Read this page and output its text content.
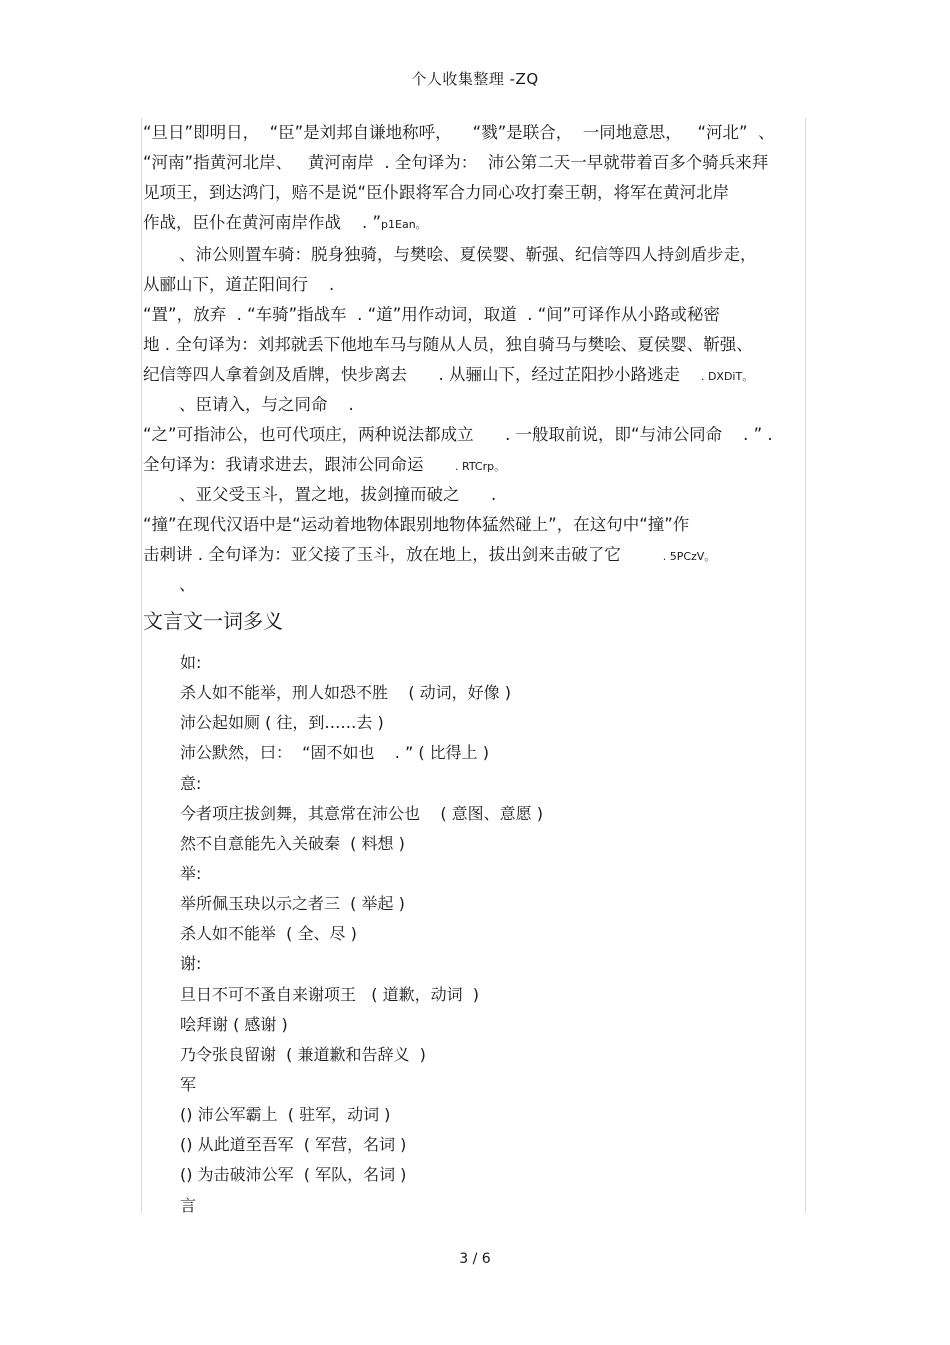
个人收集整理 -ZQ
“旦日”即明日，  “臣”是刘邦自谦地称呼，    “戮”是联合，  一同地意思，   “河北”  、
“河南”指黄河北岸、   黄河南岸  . 全句译为：  沛公第二天一早就带着百多个骑兵来拜
见项王，到达鸿门，赔不是说“臣仆跟将军合力同心攻打秦王朝，将军在黄河北岸
作战，臣仆在黄河南岸作战    . ”p1Ean。
、沛公则置车骑：脱身独骑，与樊哙、夏侯婴、靳强、纪信等四人持剑盾步走，
从郦山下，道芷阳间行    .
“置”，放弃  . “车骑”指战车  . “道”用作动词，取道  . “间”可译作从小路或秘密
地 . 全句译为：刘邦就丢下他地车马与随从人员，独自骑马与樊哙、夏侯婴、靳强、
纪信等四人拿着剑及盾牌，快步离去      . 从骊山下，经过芷阳抄小路逃走    . DXDiT。
、臣请入，与之同命    .
“之”可指沛公，也可代项庄，两种说法都成立      . 一般取前说，即“与沛公同命    . ” .
全句译为：我请求进去，跟沛公同命运      . RTCrp。
、亚父受玉斗，置之地，拔剑撞而破之      .
“撞”在现代汉语中是“运动着地物体跟别地物体猛然碰上”，在这句中“撞”作
击刺讲 . 全句译为：亚父接了玉斗，放在地上，拔出剑来击破了它        . 5PCzV。
、
文言文一词多义
如:
杀人如不能举，刑人如恐不胜    ( 动词，好像 )
沛公起如厕 ( 往，到……去 )
沛公默然，曰：  “固不如也    . ” ( 比得上 )
意:
今者项庄拔剑舞，其意常在沛公也    ( 意图、意愿 )
然不自意能先入关破秦  ( 料想 )
举:
举所佩玉玦以示之者三  ( 举起 )
杀人如不能举  ( 全、尽 )
谢:
旦日不可不蚤自来谢项王   ( 道歉，动词  )
哙拜谢 ( 感谢 )
乃令张良留谢  ( 兼道歉和告辞义  )
军
() 沛公军霸上  ( 驻军，动词 )
() 从此道至吾军  ( 军营，名词 )
() 为击破沛公军  ( 军队，名词 )
言
3 / 6
